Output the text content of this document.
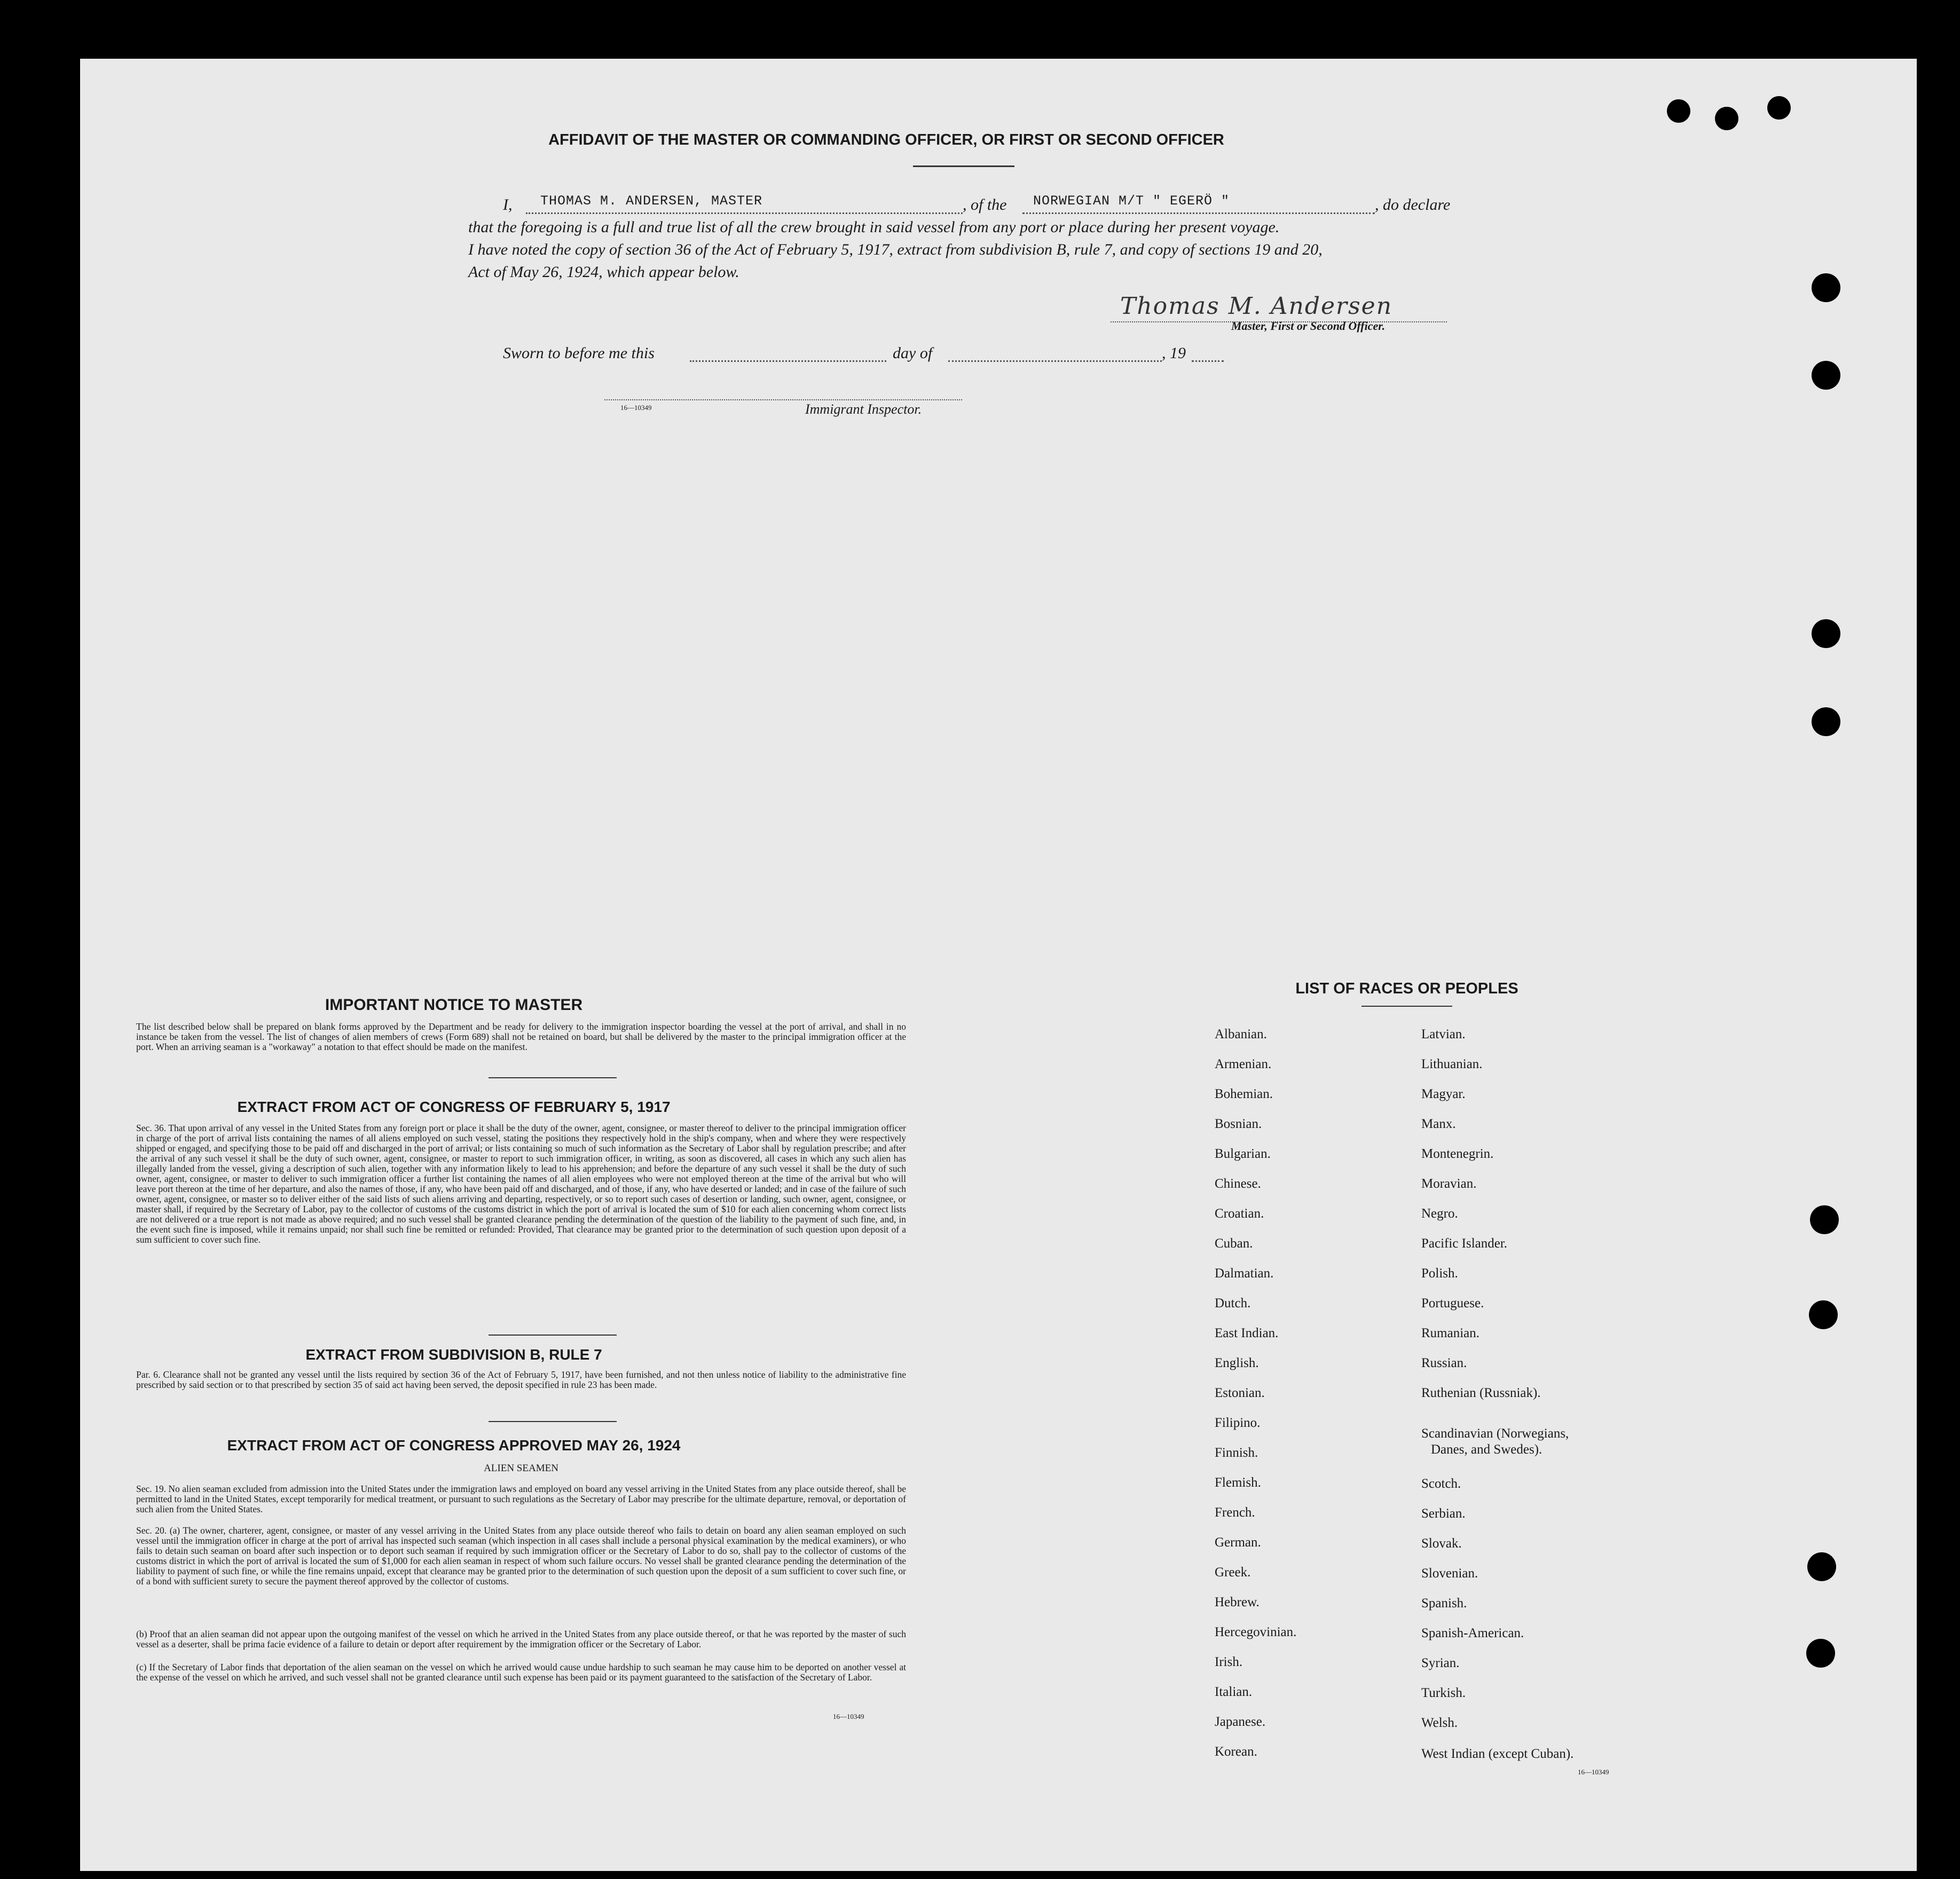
AFFIDAVIT OF THE MASTER OR COMMANDING OFFICER, OR FIRST OR SECOND OFFICER
I, THOMAS M. ANDERSEN, MASTER	, of the NORWEGIAN M/T " EGERÖ "	, do declare
that the foregoing is a full and true list of all the crew brought in said vessel from any port or place during her present voyage.
I have noted the copy of section 36 of the Act of February 5, 1917, extract from subdivision B, rule 7, and copy of sections 19 and 20,
Act of May 26, 1924, which appear below.
Thomas M. Andersen
Master, First or Second Officer.
Sworn to before me this	day of	, 19
16—10349	Immigrant Inspector.
IMPORTANT NOTICE TO MASTER
The list described below shall be prepared on blank forms approved by the Department and be ready for delivery to the immigration inspector boarding the vessel at the port of arrival, and shall in no instance be taken from the vessel. The list of changes of alien members of crews (Form 689) shall not be retained on board, but shall be delivered by the master to the principal immigration officer at the port. When an arriving seaman is a "workaway" a notation to that effect should be made on the manifest.
EXTRACT FROM ACT OF CONGRESS OF FEBRUARY 5, 1917
Sec. 36. That upon arrival of any vessel in the United States from any foreign port or place it shall be the duty of the owner, agent, consignee, or master thereof to deliver to the principal immigration officer in charge of the port of arrival lists containing the names of all aliens employed on such vessel, stating the positions they respectively hold in the ship's company, when and where they were respectively shipped or engaged, and specifying those to be paid off and discharged in the port of arrival; or lists containing so much of such information as the Secretary of Labor shall by regulation prescribe; and after the arrival of any such vessel it shall be the duty of such owner, agent, consignee, or master to report to such immigration officer, in writing, as soon as discovered, all cases in which any such alien has illegally landed from the vessel, giving a description of such alien, together with any information likely to lead to his apprehension; and before the departure of any such vessel it shall be the duty of such owner, agent, consignee, or master to deliver to such immigration officer a further list containing the names of all alien employees who were not employed thereon at the time of the arrival but who will leave port thereon at the time of her departure, and also the names of those, if any, who have been paid off and discharged, and of those, if any, who have deserted or landed; and in case of the failure of such owner, agent, consignee, or master so to deliver either of the said lists of such aliens arriving and departing, respectively, or so to report such cases of desertion or landing, such owner, agent, consignee, or master shall, if required by the Secretary of Labor, pay to the collector of customs of the customs district in which the port of arrival is located the sum of $10 for each alien concerning whom correct lists are not delivered or a true report is not made as above required; and no such vessel shall be granted clearance pending the determination of the question of the liability to the payment of such fine, and, in the event such fine is imposed, while it remains unpaid; nor shall such fine be remitted or refunded: Provided, That clearance may be granted prior to the determination of such question upon deposit of a sum sufficient to cover such fine.
EXTRACT FROM SUBDIVISION B, RULE 7
Par. 6. Clearance shall not be granted any vessel until the lists required by section 36 of the Act of February 5, 1917, have been furnished, and not then unless notice of liability to the administrative fine prescribed by said section or to that prescribed by section 35 of said act having been served, the deposit specified in rule 23 has been made.
EXTRACT FROM ACT OF CONGRESS APPROVED MAY 26, 1924
ALIEN SEAMEN
Sec. 19. No alien seaman excluded from admission into the United States under the immigration laws and employed on board any vessel arriving in the United States from any place outside thereof, shall be permitted to land in the United States, except temporarily for medical treatment, or pursuant to such regulations as the Secretary of Labor may prescribe for the ultimate departure, removal, or deportation of such alien from the United States.
Sec. 20. (a) The owner, charterer, agent, consignee, or master of any vessel arriving in the United States from any place outside thereof who fails to detain on board any alien seaman employed on such vessel until the immigration officer in charge at the port of arrival has inspected such seaman (which inspection in all cases shall include a personal physical examination by the medical examiners), or who fails to detain such seaman on board after such inspection or to deport such seaman if required by such immigration officer or the Secretary of Labor to do so, shall pay to the collector of customs of the customs district in which the port of arrival is located the sum of $1,000 for each alien seaman in respect of whom such failure occurs. No vessel shall be granted clearance pending the determination of the liability to payment of such fine, or while the fine remains unpaid, except that clearance may be granted prior to the determination of such question upon the deposit of a sum sufficient to cover such fine, or of a bond with sufficient surety to secure the payment thereof approved by the collector of customs.
(b) Proof that an alien seaman did not appear upon the outgoing manifest of the vessel on which he arrived in the United States from any place outside thereof, or that he was reported by the master of such vessel as a deserter, shall be prima facie evidence of a failure to detain or deport after requirement by the immigration officer or the Secretary of Labor.
(c) If the Secretary of Labor finds that deportation of the alien seaman on the vessel on which he arrived would cause undue hardship to such seaman he may cause him to be deported on another vessel at the expense of the vessel on which he arrived, and such vessel shall not be granted clearance until such expense has been paid or its payment guaranteed to the satisfaction of the Secretary of Labor.
16—10349
LIST OF RACES OR PEOPLES
Albanian.
Armenian.
Bohemian.
Bosnian.
Bulgarian.
Chinese.
Croatian.
Cuban.
Dalmatian.
Dutch.
East Indian.
English.
Estonian.
Filipino.
Finnish.
Flemish.
French.
German.
Greek.
Hebrew.
Hercegovinian.
Irish.
Italian.
Japanese.
Korean.
Latvian.
Lithuanian.
Magyar.
Manx.
Montenegrin.
Moravian.
Negro.
Pacific Islander.
Polish.
Portuguese.
Rumanian.
Russian.
Ruthenian (Russniak).
Scandinavian (Norwegians,
Danes, and Swedes).
Scotch.
Serbian.
Slovak.
Slovenian.
Spanish.
Spanish-American.
Syrian.
Turkish.
Welsh.
West Indian (except Cuban).
16—10349
